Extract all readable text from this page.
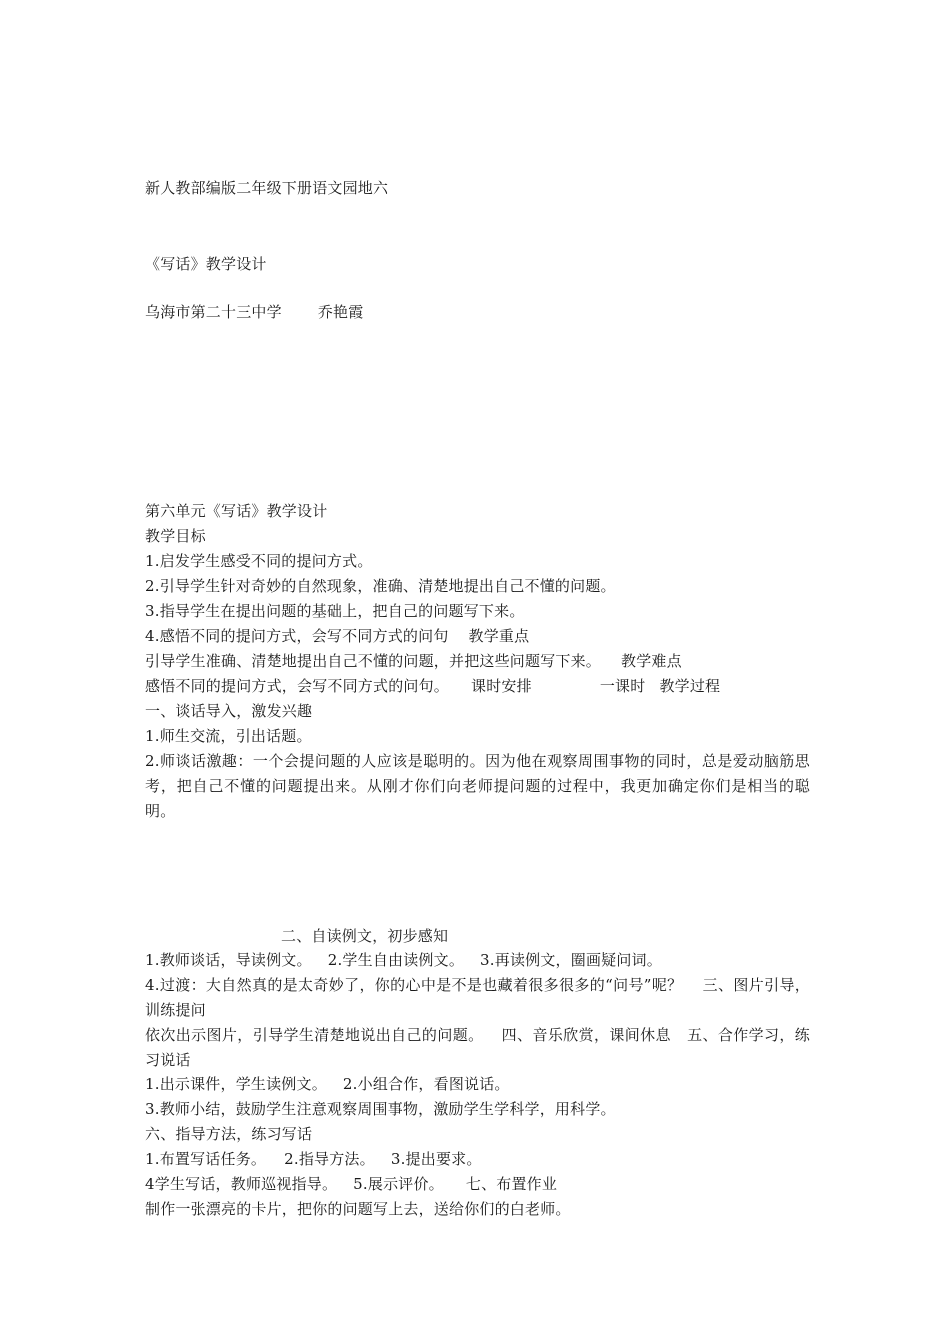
新人教部编版二年级下册语文园地六
《写话》教学设计
乌海市第二十三中学 乔艳霞
第六单元《写话》教学设计
教学目标
1.启发学生感受不同的提问方式。
2.引导学生针对奇妙的自然现象，准确、清楚地提出自己不懂的问题。
3.指导学生在提出问题的基础上，把自己的问题写下来。
4.感悟不同的提问方式，会写不同方式的问句 教学重点
引导学生准确、清楚地提出自己不懂的问题，并把这些问题写下来。 教学难点
感悟不同的提问方式，会写不同方式的问句。 课时安排	一课时 教学过程
一、谈话导入，激发兴趣
1.师生交流，引出话题。
2.师谈话激趣：一个会提问题的人应该是聪明的。因为他在观察周围事物的同时，总是爱动脑筋思考，把自己不懂的问题提出来。从刚才你们向老师提问题的过程中，我更加确定你们是相当的聪明。
二、自读例文，初步感知
1.教师谈话，导读例文。 2.学生自由读例文。 3.再读例文，圈画疑问词。
4.过渡：大自然真的是太奇妙了，你的心中是不是也藏着很多很多的“问号”呢？ 三、图片引导，训练提问
依次出示图片，引导学生清楚地说出自己的问题。 四、音乐欣赏，课间休息 五、合作学习，练习说话
1.出示课件，学生读例文。 2.小组合作，看图说话。
3.教师小结，鼓励学生注意观察周围事物，激励学生学科学，用科学。
六、指导方法，练习写话
1.布置写话任务。 2.指导方法。 3.提出要求。
4学生写话，教师巡视指导。 5.展示评价。 七、布置作业
制作一张漂亮的卡片，把你的问题写上去，送给你们的白老师。
